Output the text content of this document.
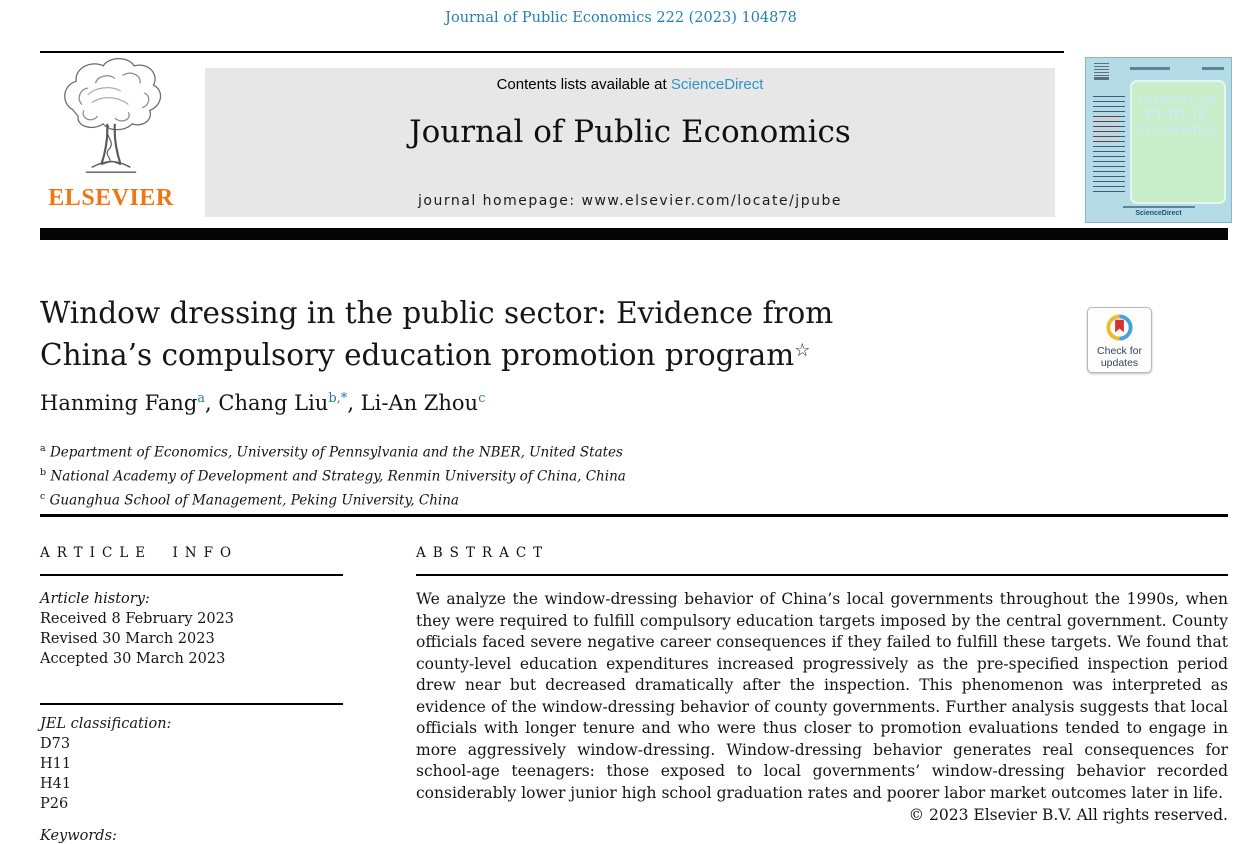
Journal of Public Economics 222 (2023) 104878
ELSEVIER
Contents lists available at ScienceDirect
Journal of Public Economics
journal homepage: www.elsevier.com/locate/jpube
JOURNAL OF
PUBLIC
ECONOMICS
ScienceDirect
Window dressing in the public sector: Evidence from China’s compulsory education promotion program☆	Check for updates
Hanming Fang$^a$, Chang Liu$^{b,*}$, Li-An Zhou$^c$
$^a$ Department of Economics, University of Pennsylvania and the NBER, United States
$^b$ National Academy of Development and Strategy, Renmin University of China, China
$^c$ Guanghua School of Management, Peking University, China
ARTICLE INFO
Article history:
Received 8 February 2023
Revised 30 March 2023
Accepted 30 March 2023
JEL classification:
D73
H11
H41
P26
Keywords:
ABSTRACT
We analyze the window-dressing behavior of China’s local governments throughout the 1990s, when they were required to fulfill compulsory education targets imposed by the central government. County officials faced severe negative career consequences if they failed to fulfill these targets. We found that county-level education expenditures increased progressively as the pre-specified inspection period drew near but decreased dramatically after the inspection. This phenomenon was interpreted as evidence of the window-dressing behavior of county governments. Further analysis suggests that local officials with longer tenure and who were thus closer to promotion evaluations tended to engage in more aggressively window-dressing. Window-dressing behavior generates real consequences for school-age teenagers: those exposed to local governments’ window-dressing behavior recorded considerably lower junior high school graduation rates and poorer labor market outcomes later in life.
© 2023 Elsevier B.V. All rights reserved.
